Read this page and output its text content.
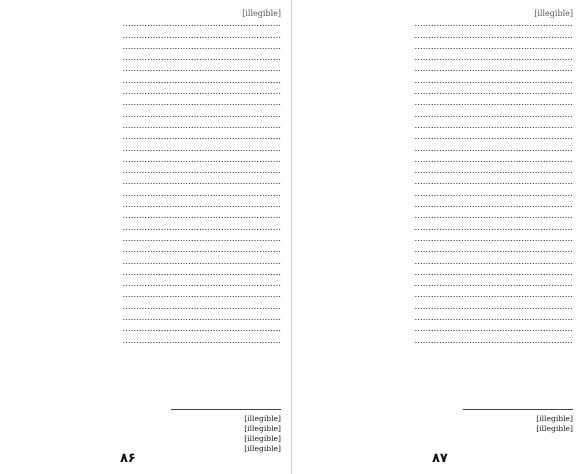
[illegible]
..........................................................
..........................................................
..........................................................
..........................................................
..........................................................
..........................................................
..........................................................
..........................................................
..........................................................
..........................................................
..........................................................
..........................................................
..........................................................
..........................................................
..........................................................
..........................................................
..........................................................
..........................................................
..........................................................
..........................................................
..........................................................
..........................................................
..........................................................
..........................................................
..........................................................
..........................................................
..........................................................
..........................................................
..........................................................
[illegible]
[illegible]
[illegible]
[illegible]
۸۶
[illegible]
..........................................................
..........................................................
..........................................................
..........................................................
..........................................................
..........................................................
..........................................................
..........................................................
..........................................................
..........................................................
..........................................................
..........................................................
..........................................................
..........................................................
..........................................................
..........................................................
..........................................................
..........................................................
..........................................................
..........................................................
..........................................................
..........................................................
..........................................................
..........................................................
..........................................................
..........................................................
..........................................................
..........................................................
..........................................................
[illegible]
[illegible]
۸۷
